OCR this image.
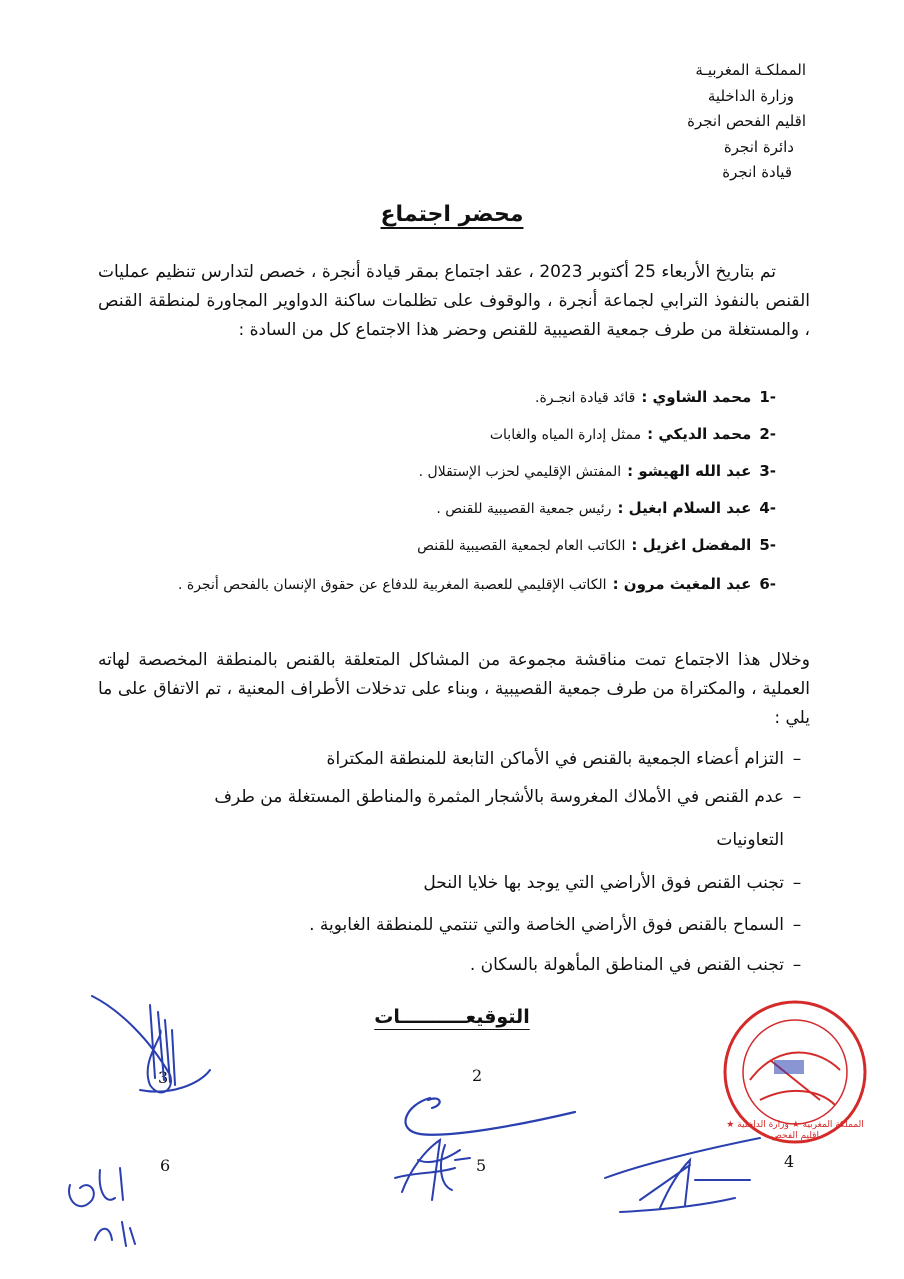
المملكـة المغربيـة
وزارة الداخلية
اقليم الفحص انجرة
دائرة انجرة
قيادة انجرة
محضر اجتماع
تم بتاريخ الأربعاء 25 أكتوبر 2023 ، عقد اجتماع بمقر قيادة أنجرة ، خصص لتدارس تنظيم عمليات القنص بالنفوذ الترابي لجماعة أنجرة ، والوقوف على تظلمات ساكنة الدواوير المجاورة لمنطقة القنص ، والمستغلة من طرف جمعية القصيبية للقنص وحضر هذا الاجتماع كل من السادة :
-1محمد الشاوي :قائد قيادة انجـرة.
-2محمد الديكي :ممثل إدارة المياه والغابات
-3عبد الله الهيشو :المفتش الإقليمي لحزب الإستقلال .
-4عبد السلام ابغيل :رئيس جمعية القصيبية للقنص .
-5المفضل اغزيل :الكاتب العام لجمعية القصيبية للقنص
-6عبد المغيث مرون :الكاتب الإقليمي للعصبة المغربية للدفاع عن حقوق الإنسان بالفحص أنجرة .
وخلال هذا الاجتماع تمت مناقشة مجموعة من المشاكل المتعلقة بالقنص بالمنطقة المخصصة لهاته العملية ، والمكتراة من طرف جمعية القصيبية ، وبناء على تدخلات الأطراف المعنية ، تم الاتفاق على ما يلي :
–التزام أعضاء الجمعية بالقنص في الأماكن التابعة للمنطقة المكتراة
–عدم القنص في الأملاك المغروسة بالأشجار المثمرة والمناطق المستغلة من طرف
التعاونيات
–تجنب القنص فوق الأراضي التي يوجد بها خلايا النحل
–السماح بالقنص فوق الأراضي الخاصة والتي تنتمي للمنطقة الغابوية .
–تجنب القنص في المناطق المأهولة بالسكان .
التوقيعــــــــــات
3	2
6	5	4
المملكة المغربية ★ وزارة الداخلية ★ اقليم الفحص
